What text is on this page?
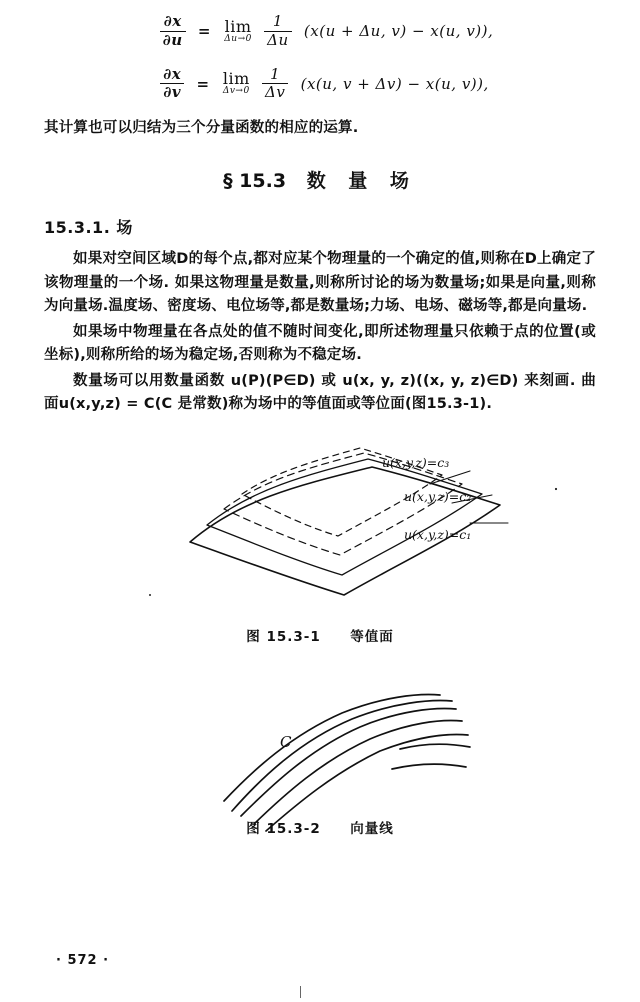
$\frac{\partial x}{\partial u} = \lim$
Δu→0
$\frac{1}{\Delta u} (x(u + \Delta u$, v) − x(u, v)),
$\frac{\partial x}{\partial v} = \lim$
Δv→0
$\frac{1}{\Delta v} (x(u$, v + Δv) − x(u, v)),

其计算也可以归结为三个分量函数的相应的运算.

§ 15.3 数 量 场
15.3.1. 场

如果对空间区域D的每个点,都对应某个物理量的一个确定的值,则称在D上确定了该物理量的一个场. 如果这物理量是数量,则称所讨论的场为数量场;如果是向量,则称为向量场.温度场、密度场、电位场等,都是数量场;力场、电场、磁场等,都是向量场.

如果场中物理量在各点处的值不随时间变化,即所述物理量只依赖于点的位置(或坐标),则称所给的场为稳定场,否则称为不稳定场.

数量场可以用数量函数 u(P)(P∈D) 或 u(x, y, z)((x, y, z)∈D) 来刻画. 曲面u(x,y,z) = C(C 是常数)称为场中的等值面或等位面(图15.3-1).

u(x,y,z)=c₃
u(x,y,z)=c₂
u(x,y,z)=c₁
图 15.3-1 等值面
C
图 15.3-2 向量线
· 572 ·
